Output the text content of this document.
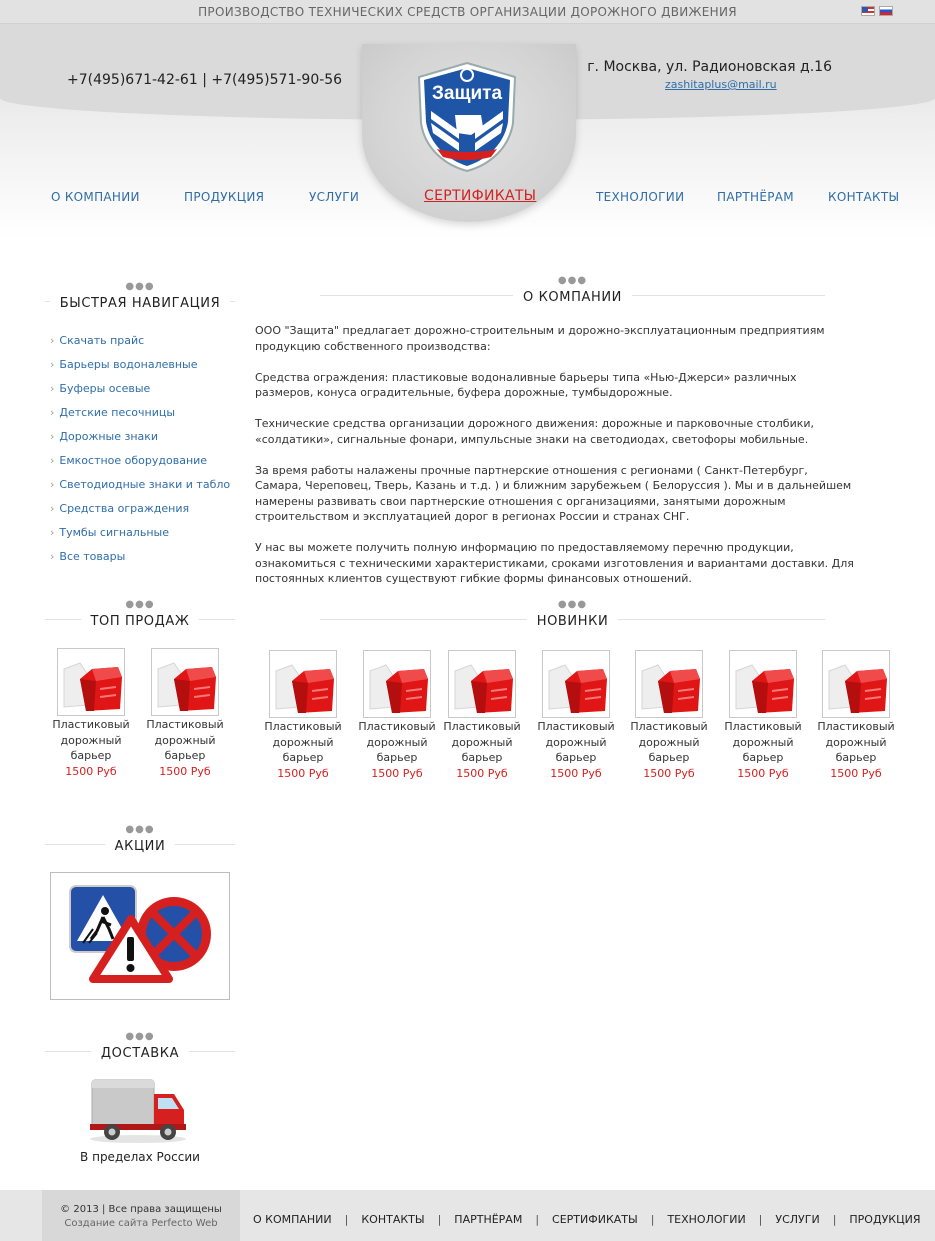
ПРОИЗВОДСТВО ТЕХНИЧЕСКИХ СРЕДСТВ ОРГАНИЗАЦИИ ДОРОЖНОГО ДВИЖЕНИЯ
+7(495)671-42-61 | +7(495)571-90-56
г. Москва, ул. Радионовская д.16
zashitaplus@mail.ru
Защита
О КОМПАНИИ	ПРОДУКЦИЯ	УСЛУГИ	СЕРТИФИКАТЫ	ТЕХНОЛОГИИ	ПАРТНЁРАМ	КОНТАКТЫ
●●●
БЫСТРАЯ НАВИГАЦИЯ
› Скачать прайс
› Барьеры водоналевные
› Буферы осевые
› Детские песочницы
› Дорожные знаки
› Емкостное оборудование
› Светодиодные знаки и табло
› Средства ограждения
› Тумбы сигнальные
› Все товары
●●●
О КОМПАНИИ

ООО "Защита" предлагает дорожно-строительным и дорожно-эксплуатационным предприятиям продукцию собственного производства:

Средства ограждения: пластиковые водоналивные барьеры типа «Нью-Джерси» различных размеров, конуса оградительные, буфера дорожные, тумбыдорожные.

Технические средства организации дорожного движения: дорожные и парковочные столбики, «солдатики», сигнальные фонари, импульсные знаки на светодиодах, светофоры мобильные.

За время работы налажены прочные партнерские отношения с регионами ( Санкт-Петербург, Самара, Череповец, Тверь, Казань и т.д. ) и ближним зарубежьем ( Белоруссия ). Мы и в дальнейшем намерены развивать свои партнерские отношения с организациями, занятыми дорожным строительством и эксплуатацией дорог в регионах России и странах СНГ.

У нас вы можете получить полную информацию по предоставляемому перечню продукции, ознакомиться с техническими характеристиками, сроками изготовления и вариантами доставки. Для постоянных клиентов существуют гибкие формы финансовых отношений.

●●●
ТОП ПРОДАЖ
●●●
НОВИНКИ
Пластиковый дорожный барьер
1500 Руб
Пластиковый дорожный барьер
1500 Руб
Пластиковый дорожный барьер
1500 Руб
Пластиковый дорожный барьер
1500 Руб
Пластиковый дорожный барьер
1500 Руб
Пластиковый дорожный барьер
1500 Руб
Пластиковый дорожный барьер
1500 Руб
Пластиковый дорожный барьер
1500 Руб
Пластиковый дорожный барьер
1500 Руб
●●●
АКЦИИ
●●●
ДОСТАВКА
В пределах России
© 2013 | Все права защищены
Создание сайта Perfecto Web	О КОМПАНИИ | КОНТАКТЫ | ПАРТНЁРАМ | СЕРТИФИКАТЫ | ТЕХНОЛОГИИ | УСЛУГИ | ПРОДУКЦИЯ
